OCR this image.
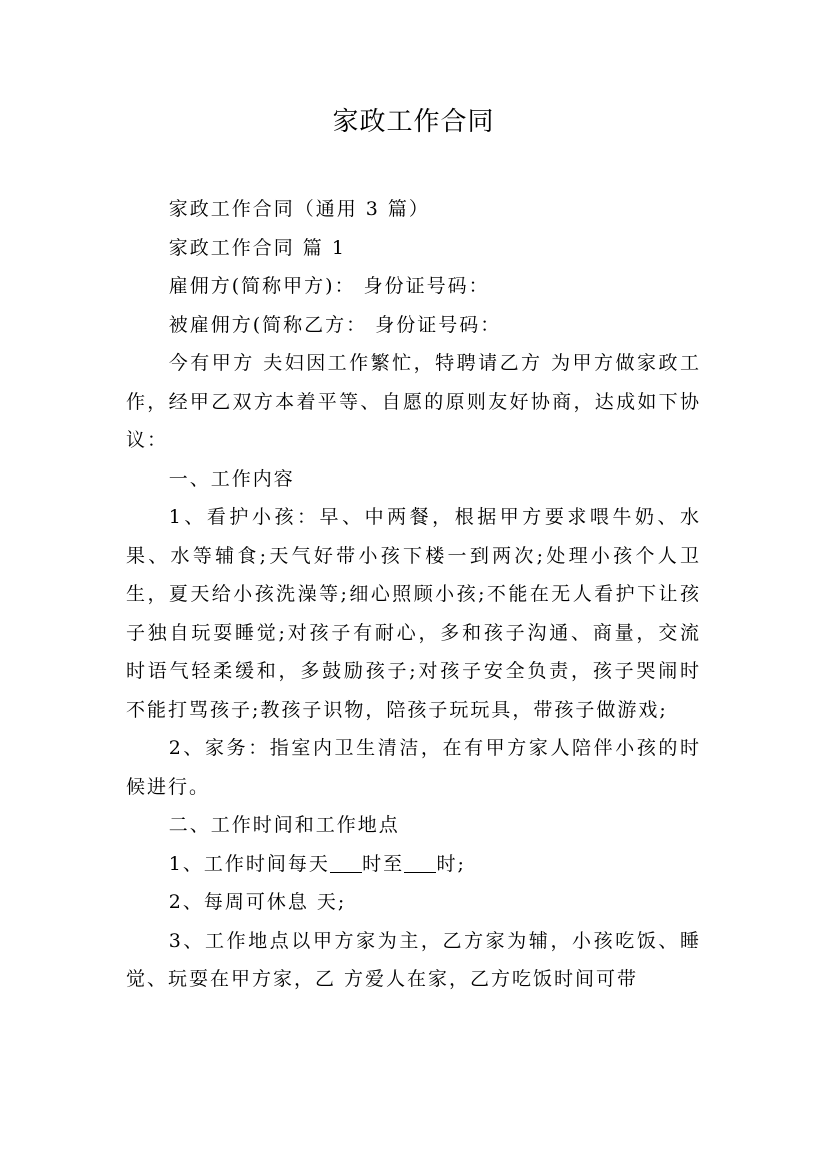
家政工作合同

家政工作合同（通用 3 篇）

家政工作合同 篇 1

雇佣方(简称甲方)： 身份证号码：

被雇佣方(简称乙方： 身份证号码：

今有甲方 夫妇因工作繁忙，特聘请乙方 为甲方做家政工作，经甲乙双方本着平等、自愿的原则友好协商，达成如下协议：

一、工作内容

1、看护小孩：早、中两餐，根据甲方要求喂牛奶、水果、水等辅食;天气好带小孩下楼一到两次;处理小孩个人卫生，夏天给小孩洗澡等;细心照顾小孩;不能在无人看护下让孩子独自玩耍睡觉;对孩子有耐心，多和孩子沟通、商量，交流时语气轻柔缓和，多鼓励孩子;对孩子安全负责，孩子哭闹时不能打骂孩子;教孩子识物，陪孩子玩玩具，带孩子做游戏;

2、家务：指室内卫生清洁，在有甲方家人陪伴小孩的时候进行。

二、工作时间和工作地点

1、工作时间每天 时至 时;

2、每周可休息 天;

3、工作地点以甲方家为主，乙方家为辅，小孩吃饭、睡觉、玩耍在甲方家，乙 方爱人在家，乙方吃饭时间可带
